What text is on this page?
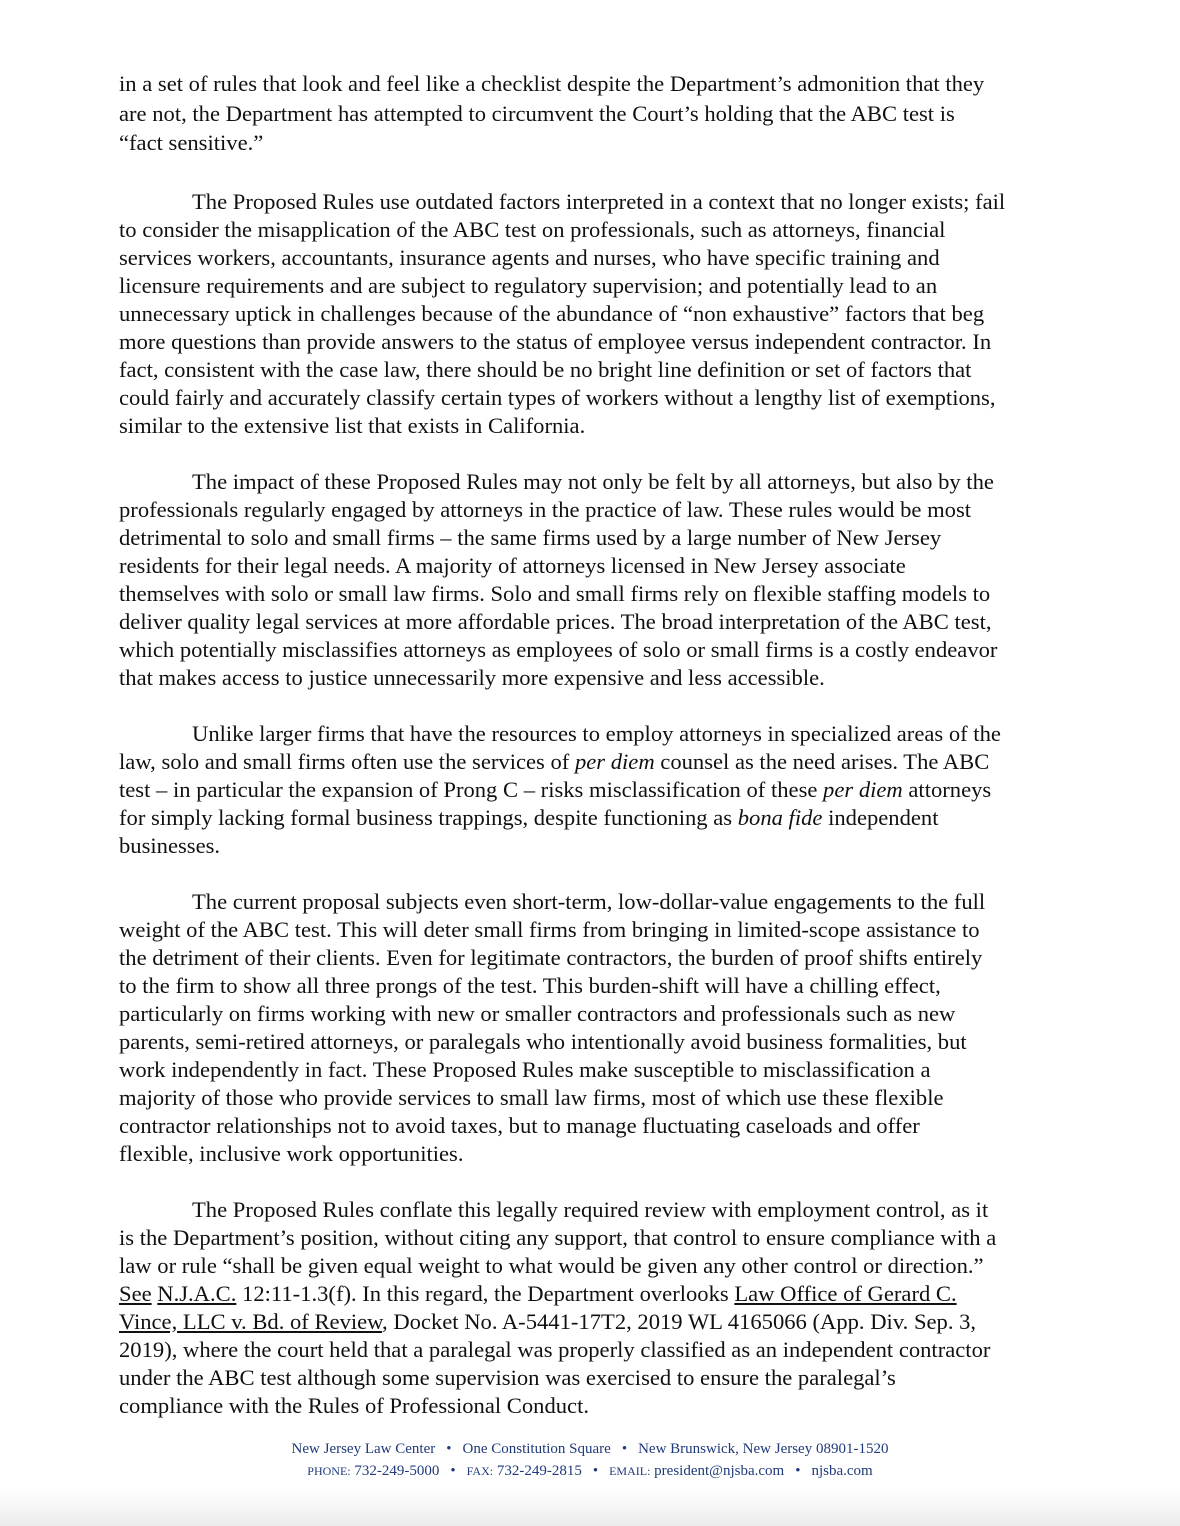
in a set of rules that look and feel like a checklist despite the Department’s admonition that they
are not, the Department has attempted to circumvent the Court’s holding that the ABC test is
“fact sensitive.”
The Proposed Rules use outdated factors interpreted in a context that no longer exists; fail
to consider the misapplication of the ABC test on professionals, such as attorneys, financial
services workers, accountants, insurance agents and nurses, who have specific training and
licensure requirements and are subject to regulatory supervision; and potentially lead to an
unnecessary uptick in challenges because of the abundance of “non exhaustive” factors that beg
more questions than provide answers to the status of employee versus independent contractor. In
fact, consistent with the case law, there should be no bright line definition or set of factors that
could fairly and accurately classify certain types of workers without a lengthy list of exemptions,
similar to the extensive list that exists in California.
The impact of these Proposed Rules may not only be felt by all attorneys, but also by the
professionals regularly engaged by attorneys in the practice of law. These rules would be most
detrimental to solo and small firms – the same firms used by a large number of New Jersey
residents for their legal needs. A majority of attorneys licensed in New Jersey associate
themselves with solo or small law firms. Solo and small firms rely on flexible staffing models to
deliver quality legal services at more affordable prices. The broad interpretation of the ABC test,
which potentially misclassifies attorneys as employees of solo or small firms is a costly endeavor
that makes access to justice unnecessarily more expensive and less accessible.
Unlike larger firms that have the resources to employ attorneys in specialized areas of the
law, solo and small firms often use the services of per diem counsel as the need arises. The ABC
test – in particular the expansion of Prong C – risks misclassification of these per diem attorneys
for simply lacking formal business trappings, despite functioning as bona fide independent
businesses.
The current proposal subjects even short-term, low-dollar-value engagements to the full
weight of the ABC test. This will deter small firms from bringing in limited-scope assistance to
the detriment of their clients. Even for legitimate contractors, the burden of proof shifts entirely
to the firm to show all three prongs of the test. This burden-shift will have a chilling effect,
particularly on firms working with new or smaller contractors and professionals such as new
parents, semi-retired attorneys, or paralegals who intentionally avoid business formalities, but
work independently in fact. These Proposed Rules make susceptible to misclassification a
majority of those who provide services to small law firms, most of which use these flexible
contractor relationships not to avoid taxes, but to manage fluctuating caseloads and offer
flexible, inclusive work opportunities.
The Proposed Rules conflate this legally required review with employment control, as it
is the Department’s position, without citing any support, that control to ensure compliance with a
law or rule “shall be given equal weight to what would be given any other control or direction.”
See N.J.A.C. 12:11-1.3(f). In this regard, the Department overlooks Law Office of Gerard C.
Vince, LLC v. Bd. of Review, Docket No. A-5441-17T2, 2019 WL 4165066 (App. Div. Sep. 3,
2019), where the court held that a paralegal was properly classified as an independent contractor
under the ABC test although some supervision was exercised to ensure the paralegal’s
compliance with the Rules of Professional Conduct.
New Jersey Law Center • One Constitution Square • New Brunswick, New Jersey 08901-1520
PHONE: 732-249-5000 • FAX: 732-249-2815 • EMAIL: president@njsba.com • njsba.com
